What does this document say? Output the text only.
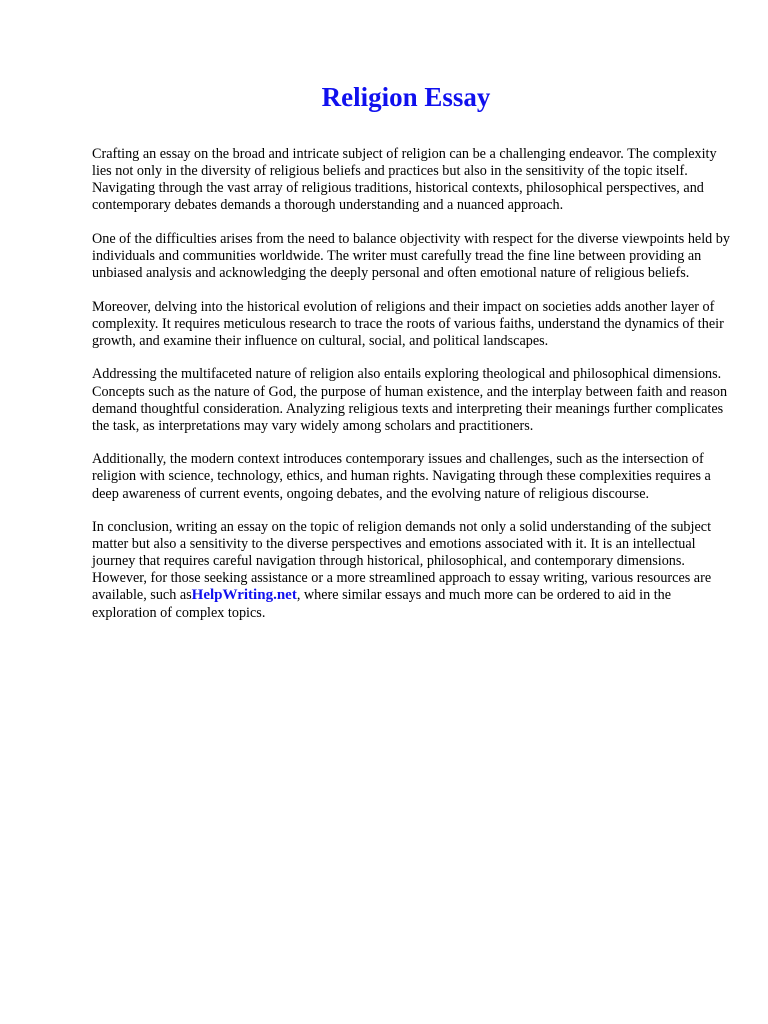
Religion Essay

Crafting an essay on the broad and intricate subject of religion can be a challenging endeavor. The complexity lies not only in the diversity of religious beliefs and practices but also in the sensitivity of the topic itself. Navigating through the vast array of religious traditions, historical contexts, philosophical perspectives, and contemporary debates demands a thorough understanding and a nuanced approach.

One of the difficulties arises from the need to balance objectivity with respect for the diverse viewpoints held by individuals and communities worldwide. The writer must carefully tread the fine line between providing an unbiased analysis and acknowledging the deeply personal and often emotional nature of religious beliefs.

Moreover, delving into the historical evolution of religions and their impact on societies adds another layer of complexity. It requires meticulous research to trace the roots of various faiths, understand the dynamics of their growth, and examine their influence on cultural, social, and political landscapes.

Addressing the multifaceted nature of religion also entails exploring theological and philosophical dimensions. Concepts such as the nature of God, the purpose of human existence, and the interplay between faith and reason demand thoughtful consideration. Analyzing religious texts and interpreting their meanings further complicates the task, as interpretations may vary widely among scholars and practitioners.

Additionally, the modern context introduces contemporary issues and challenges, such as the intersection of religion with science, technology, ethics, and human rights. Navigating through these complexities requires a deep awareness of current events, ongoing debates, and the evolving nature of religious discourse.

In conclusion, writing an essay on the topic of religion demands not only a solid understanding of the subject matter but also a sensitivity to the diverse perspectives and emotions associated with it. It is an intellectual journey that requires careful navigation through historical, philosophical, and contemporary dimensions. However, for those seeking assistance or a more streamlined approach to essay writing, various resources are available, such asHelpWriting.net, where similar essays and much more can be ordered to aid in the exploration of complex topics.
